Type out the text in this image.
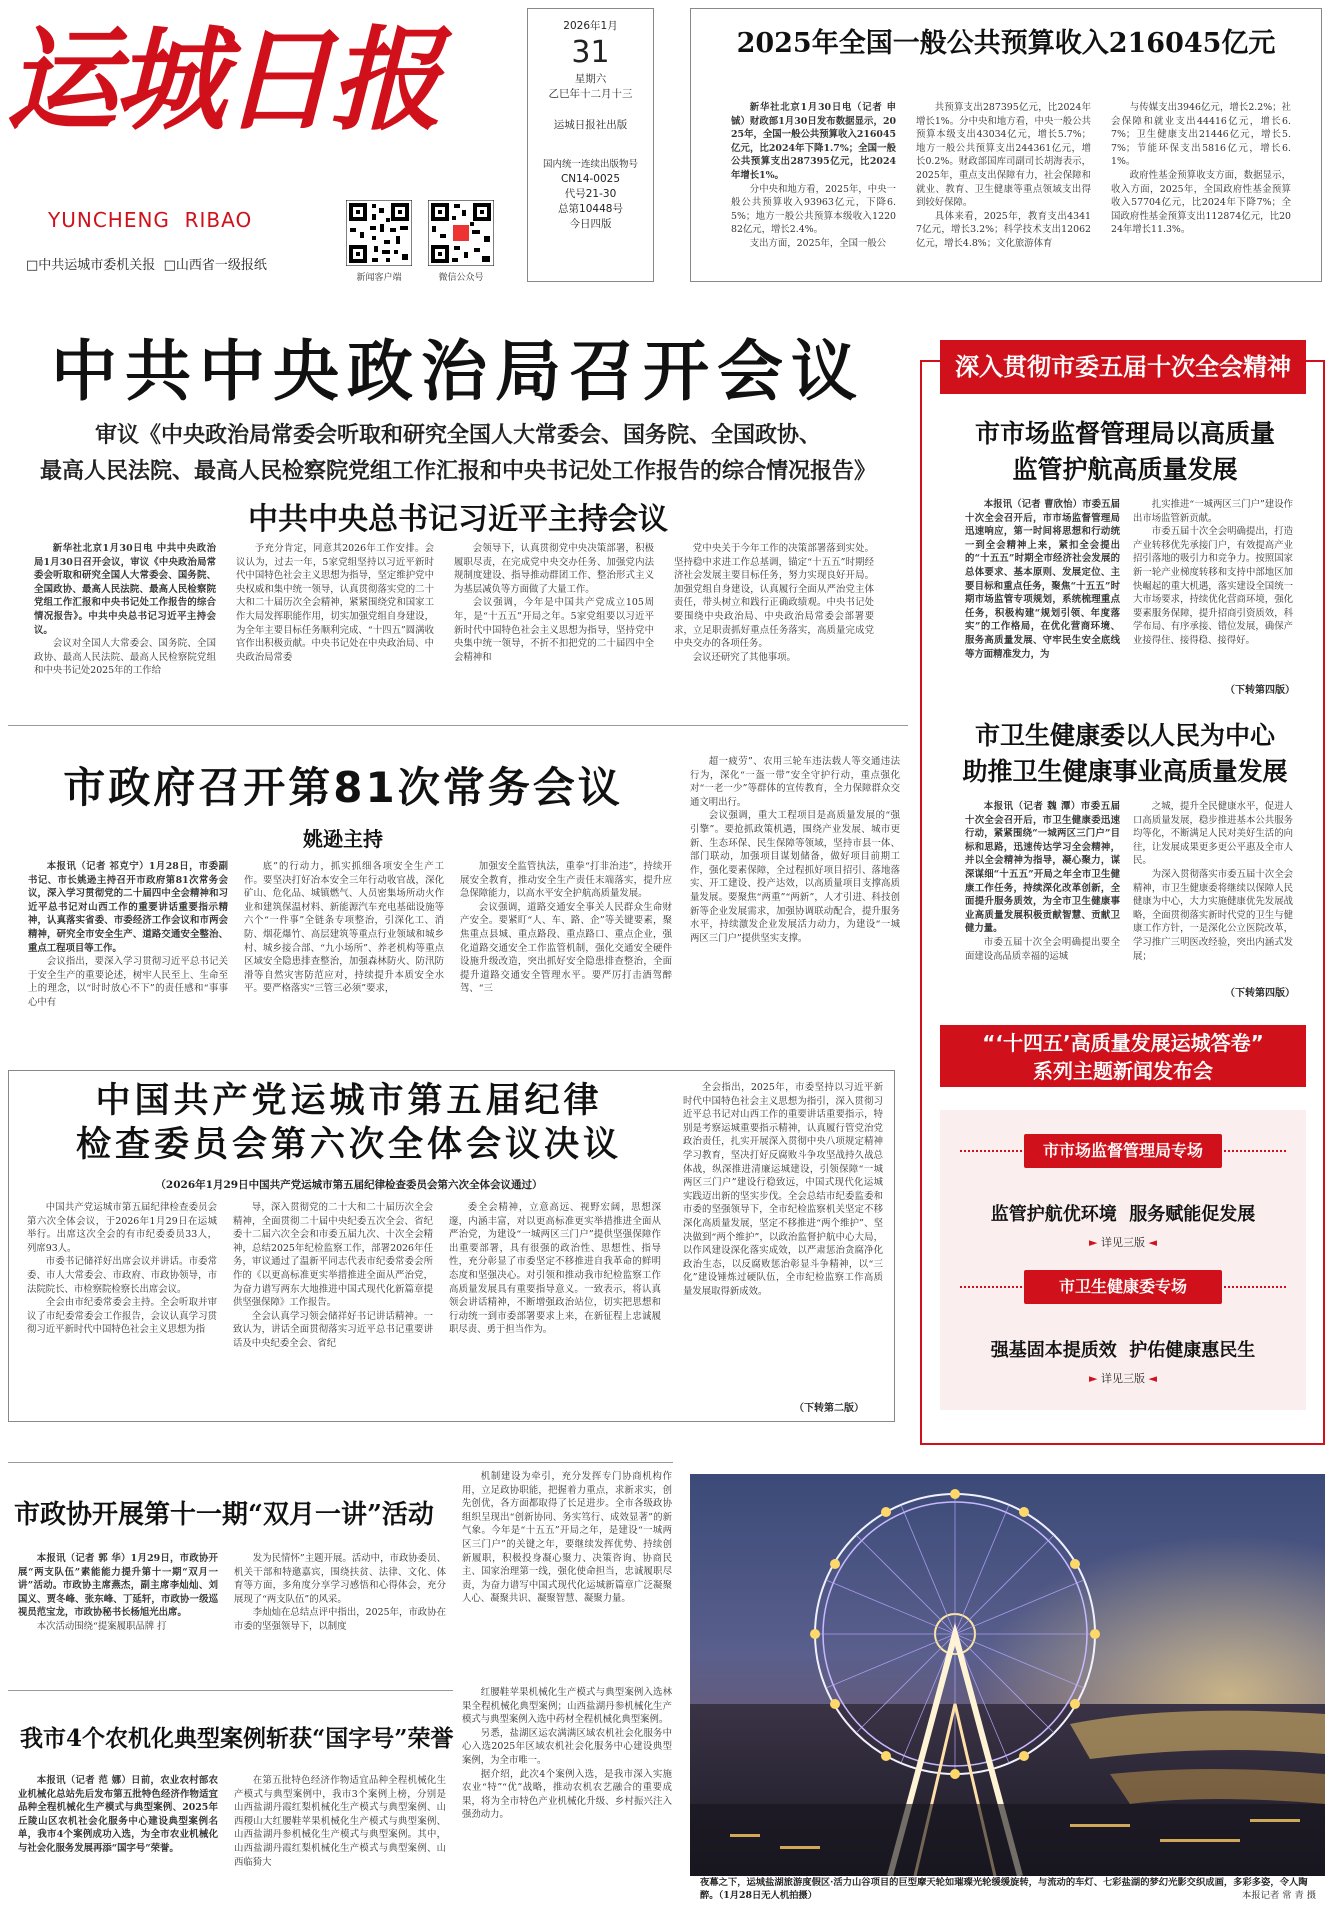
运城日报
YUNCHENG  RIBAO
□中共运城市委机关报 □山西省一级报纸
新闻客户端	微信公众号
2026年1月
31
星期六
乙巳年十二月十三
运城日报社出版
国内统一连续出版物号
CN14-0025
代号21-30
总第10448号
今日四版
2025年全国一般公共预算收入216045亿元

新华社北京1月30日电（记者 申 铖）财政部1月30日发布数据显示，2025年，全国一般公共预算收入216045亿元，比2024年下降1.7%；全国一般公共预算支出287395亿元，比2024年增长1%。

分中央和地方看，2025年，中央一般公共预算收入93963亿元，下降6.5%；地方一般公共预算本级收入122082亿元，增长2.4%。

支出方面，2025年，全国一般公

共预算支出287395亿元，比2024年增长1%。分中央和地方看，中央一般公共预算本级支出43034亿元，增长5.7%；地方一般公共预算支出244361亿元，增长0.2%。财政部国库司副司长胡海表示，2025年，重点支出保障有力，社会保障和就业、教育、卫生健康等重点领域支出得到较好保障。

具体来看，2025年，教育支出43417亿元，增长3.2%；科学技术支出12062亿元，增长4.8%；文化旅游体育

与传媒支出3946亿元，增长2.2%；社会保障和就业支出44416亿元，增长6.7%；卫生健康支出21446亿元，增长5.7%；节能环保支出5816亿元，增长6.1%。

政府性基金预算收支方面，数据显示，收入方面，2025年，全国政府性基金预算收入57704亿元，比2024年下降7%；全国政府性基金预算支出112874亿元，比2024年增长11.3%。

中共中央政治局召开会议
审议《中央政治局常委会听取和研究全国人大常委会、国务院、全国政协、
最高人民法院、最高人民检察院党组工作汇报和中央书记处工作报告的综合情况报告》
中共中央总书记习近平主持会议

新华社北京1月30日电 中共中央政治局1月30日召开会议，审议《中央政治局常委会听取和研究全国人大常委会、国务院、全国政协、最高人民法院、最高人民检察院党组工作汇报和中央书记处工作报告的综合情况报告》。中共中央总书记习近平主持会议。

会议对全国人大常委会、国务院、全国政协、最高人民法院、最高人民检察院党组和中央书记处2025年的工作给

予充分肯定，同意其2026年工作安排。会议认为，过去一年，5家党组坚持以习近平新时代中国特色社会主义思想为指导，坚定维护党中央权威和集中统一领导，认真贯彻落实党的二十大和二十届历次全会精神，紧紧围绕党和国家工作大局发挥职能作用，切实加强党组自身建设，为全年主要目标任务顺利完成、“十四五”圆满收官作出积极贡献。中央书记处在中央政治局、中央政治局常委

会领导下，认真贯彻党中央决策部署，积极履职尽责，在完成党中央交办任务、加强党内法规制度建设、指导推动群团工作、整治形式主义为基层减负等方面做了大量工作。

会议强调，今年是中国共产党成立105周年，是“十五五”开局之年。5家党组要以习近平新时代中国特色社会主义思想为指导，坚持党中央集中统一领导，不折不扣把党的二十届四中全会精神和

党中央关于今年工作的决策部署落到实处。坚持稳中求进工作总基调，锚定“十五五”时期经济社会发展主要目标任务，努力实现良好开局。加强党组自身建设，认真履行全面从严治党主体责任，带头树立和践行正确政绩观。中央书记处要围绕中央政治局、中央政治局常委会部署要求，立足职责抓好重点任务落实，高质量完成党中央交办的各项任务。

会议还研究了其他事项。

深入贯彻市委五届十次全会精神
市市场监督管理局以高质量
监管护航高质量发展

本报讯（记者 曹欣怡）市委五届十次全会召开后，市市场监督管理局迅速响应，第一时间将思想和行动统一到全会精神上来，紧扣全会提出的“十五五”时期全市经济社会发展的总体要求、基本原则、发展定位、主要目标和重点任务，聚焦“十五五”时期市场监管专项规划，系统梳理重点任务，积极构建“规划引领、年度落实”的工作格局，在优化营商环境、服务高质量发展、守牢民生安全底线等方面精准发力，为

扎实推进“一城两区三门户”建设作出市场监管新贡献。

市委五届十次全会明确提出，打造产业转移优先承接门户，有效提高产业招引落地的吸引力和竞争力。按照国家新一轮产业梯度转移和支持中部地区加快崛起的重大机遇，落实建设全国统一大市场要求，持续优化营商环境，强化要素服务保障，提升招商引资质效，科学布局、有序承接、错位发展，确保产业接得住、接得稳、接得好。

（下转第四版）
市卫生健康委以人民为中心
助推卫生健康事业高质量发展

本报讯（记者 魏 潭）市委五届十次全会召开后，市卫生健康委迅速行动，紧紧围绕“一城两区三门户”目标和思路，迅速传达学习全会精神，并以全会精神为指导，凝心聚力，谋深谋细“十五五”开局之年全市卫生健康工作任务，持续深化改革创新，全面提升服务质效，为全市卫生健康事业高质量发展积极贡献智慧、贡献卫健力量。

市委五届十次全会明确提出要全面建设高品质幸福的运城

之城，提升全民健康水平，促进人口高质量发展，稳步推进基本公共服务均等化，不断满足人民对美好生活的向往，让发展成果更多更公平惠及全市人民。

为深入贯彻落实市委五届十次全会精神，市卫生健康委将继续以保障人民健康为中心，大力实施健康优先发展战略，全面贯彻落实新时代党的卫生与健康工作方针，一是深化公立医院改革，学习推广三明医改经验，突出内涵式发展；

（下转第四版）
市政府召开第81次常务会议
姚逊主持

本报讯（记者 祁克宁）1月28日，市委副书记、市长姚逊主持召开市政府第81次常务会议，深入学习贯彻党的二十届四中全会精神和习近平总书记对山西工作的重要讲话重要指示精神，认真落实省委、市委经济工作会议和市两会精神，研究全市安全生产、道路交通安全整治、重点工程项目等工作。

会议指出，要深入学习贯彻习近平总书记关于安全生产的重要论述，树牢人民至上、生命至上的理念，以“时时放心不下”的责任感和“事事心中有

底”的行动力，抓实抓细各项安全生产工作。要坚决打好冶本安全三年行动收官战，深化矿山、危化品、城镇燃气、人员密集场所动火作业和建筑保温材料、新能源汽车充电基础设施等六个“一件事”全链条专项整治，引深化工、消防、烟花爆竹、高层建筑等重点行业领域和城乡村、城乡接合部、“九小场所”、养老机构等重点区域安全隐患排查整治，加强森林防火、防汛防滑等自然灾害防范应对，持续提升本质安全水平。要严格落实“三管三必须”要求，

加强安全监管执法，重拳“打非治违”，持续开展安全教育，推动安全生产责任末端落实，提升应急保障能力，以高水平安全护航高质量发展。

会议强调，道路交通安全事关人民群众生命财产安全。要紧盯“人、车、路、企”等关键要素，聚焦重点县城、重点路段、重点路口、重点企业，强化道路交通安全工作监管机制，强化交通安全硬件设施升级改造，突出抓好安全隐患排查整治，全面提升道路交通安全管理水平。要严厉打击酒驾醉驾、“三

超一疲劳”、农用三轮车违法载人等交通违法行为，深化“一盔一带”安全守护行动，重点强化对“一老一少”等群体的宣传教育，全力保障群众交通文明出行。

会议强调，重大工程项目是高质量发展的“强引擎”。要抢抓政策机遇，围绕产业发展、城市更新、生态环保、民生保障等领域，坚持市县一体、部门联动，加强项目谋划储备，做好项目前期工作，强化要素保障，全过程抓好项目招引、落地落实、开工建设、投产达效，以高质量项目支撑高质量发展。要聚焦“两重”“两新”，人才引进、科技创新等企业发展需求，加强协调联动配合，提升服务水平，持续激发企业发展活力动力，为建设“一城两区三门户”提供坚实支撑。

中国共产党运城市第五届纪律
检查委员会第六次全体会议决议
（2026年1月29日中国共产党运城市第五届纪律检查委员会第六次全体会议通过）

中国共产党运城市第五届纪律检查委员会第六次全体会议，于2026年1月29日在运城举行。出席这次全会的有市纪委委员33人，列席93人。

市委书记储祥好出席会议并讲话。市委常委、市人大常委会、市政府、市政协领导，市法院院长、市检察院检察长出席会议。

全会由市纪委常委会主持。全会听取并审议了市纪委常委会工作报告，会议认真学习贯彻习近平新时代中国特色社会主义思想为指

导，深入贯彻党的二十大和二十届历次全会精神，全面贯彻二十届中央纪委五次全会、省纪委十二届六次全会和市委五届九次、十次全会精神，总结2025年纪检监察工作，部署2026年任务，审议通过了温新平同志代表市纪委常委会所作的《以更高标准更实举措推进全面从严治党，为奋力谱写两东大地推进中国式现代化新篇章提供坚强保障》工作报告。

全会认真学习领会储祥好书记讲话精神。一致认为，讲话全面贯彻落实习近平总书记重要讲话及中央纪委全会、省纪

委全会精神，立意高远、视野宏阔，思想深邃，内涵丰富，对以更高标准更实举措推进全面从严治党，为建设“一城两区三门户”提供坚强保障作出重要部署，具有很强的政治性、思想性、指导性，充分彰显了市委坚定不移推进自我革命的鲜明态度和坚强决心。对引领和推动我市纪检监察工作高质量发展具有重要指导意义。一致表示，将认真领会讲话精神，不断增强政治站位，切实把思想和行动统一到市委部署要求上来，在新征程上忠诚履职尽责、勇于担当作为。

全会指出，2025年，市委坚持以习近平新时代中国特色社会主义思想为指引，深入贯彻习近平总书记对山西工作的重要讲话重要指示，特别是考察运城重要指示精神，认真履行管党治党政治责任，扎实开展深入贯彻中央八项规定精神学习教育，坚决打好反腐败斗争攻坚战持久战总体战，纵深推进清廉运城建设，引领保障“一城两区三门户”建设行稳致远，中国式现代化运城实践迈出新的坚实步伐。全会总结市纪委监委和市委的坚强领导下，全市纪检监察机关坚定不移深化高质量发展，坚定不移推进“两个维护”、坚决做到“两个维护”，以政治监督护航中心大局，以作风建设深化落实成效，以严肃惩治贪腐净化政治生态，以反腐败惩治彰显斗争精神，以“三化”建设锤炼过硬队伍，全市纪检监察工作高质量发展取得新成效。

（下转第二版）
“‘十四五’高质量发展运城答卷”
系列主题新闻发布会
市市场监督管理局专场
监管护航优环境  服务赋能促发展
► 详见三版 ◄
市卫生健康委专场
强基固本提质效  护佑健康惠民生
► 详见三版 ◄
市政协开展第十一期“双月一讲”活动

本报讯（记者 郭 华）1月29日，市政协开展“两支队伍”素能能力提升第十一期“双月一讲”活动。市政协主席燕杰，副主席李灿灿、刘国义、贾冬峰、张东峰、丁延轩，市政协一级巡视员范宝龙，市政协秘书长杨旭光出席。

本次活动围绕“提案履职品牌 打

发为民情怀”主题开展。活动中，市政协委员、机关干部和特邀嘉宾，围绕扶贫、法律、文化、体育等方面，多角度分享学习感悟和心得体会，充分展现了“两支队伍”的风采。

李灿灿在总结点评中指出，2025年，市政协在市委的坚强领导下，以制度

机制建设为牵引，充分发挥专门协商机构作用，立足政协职能，把握着力重点，求新求实，创先创优，各方面都取得了长足进步。全市各级政协组织呈现出“创新协同、务实笃行、成效显著”的新气象。今年是“十五五”开局之年，是建设“一城两区三门户”的关键之年，要继续发挥优势、持续创新履职，积极投身凝心聚力、决策咨询、协商民主、国家治理第一线，强化使命担当，忠诚履职尽责，为奋力谱写中国式现代化运城新篇章广泛凝聚人心、凝聚共识、凝聚智慧、凝聚力量。

我市4个农机化典型案例斩获“国字号”荣誉

本报讯（记者 范 娜）日前，农业农村部农业机械化总站先后发布第五批特色经济作物适宜品种全程机械化生产模式与典型案例、2025年丘陵山区农机社会化服务中心建设典型案例名单，我市4个案例成功入选，为全市农业机械化与社会化服务发展再添“国字号”荣誉。

在第五批特色经济作物适宜品种全程机械化生产模式与典型案例中，我市3个案例上榜，分别是山西盐湖丹霞红梨机械化生产模式与典型案例、山西稷山大红腰鞋苹果机械化生产模式与典型案例、山西盐湖丹参机械化生产模式与典型案例。其中，山西盐湖丹霞红梨机械化生产模式与典型案例、山西临猗大

红腰鞋苹果机械化生产模式与典型案例入选林果全程机械化典型案例；山西盐湖丹参机械化生产模式与典型案例入选中药材全程机械化典型案例。

另悉，盐湖区运农满满区域农机社会化服务中心入选2025年区域农机社会化服务中心建设典型案例，为全市唯一。

据介绍，此次4个案例入选，是我市深入实施农业“特”“优”战略，推动农机农艺融合的重要成果，将为全市特色产业机械化升级、乡村振兴注入强劲动力。

夜幕之下，运城盐湖旅游度假区·活力山谷项目的巨型摩天轮如璀璨光轮缓缓旋转，与流动的车灯、七彩盐湖的梦幻光影交织成画，多彩多姿，令人陶醉。（1月28日无人机拍摄）	本报记者 常 青 摄
